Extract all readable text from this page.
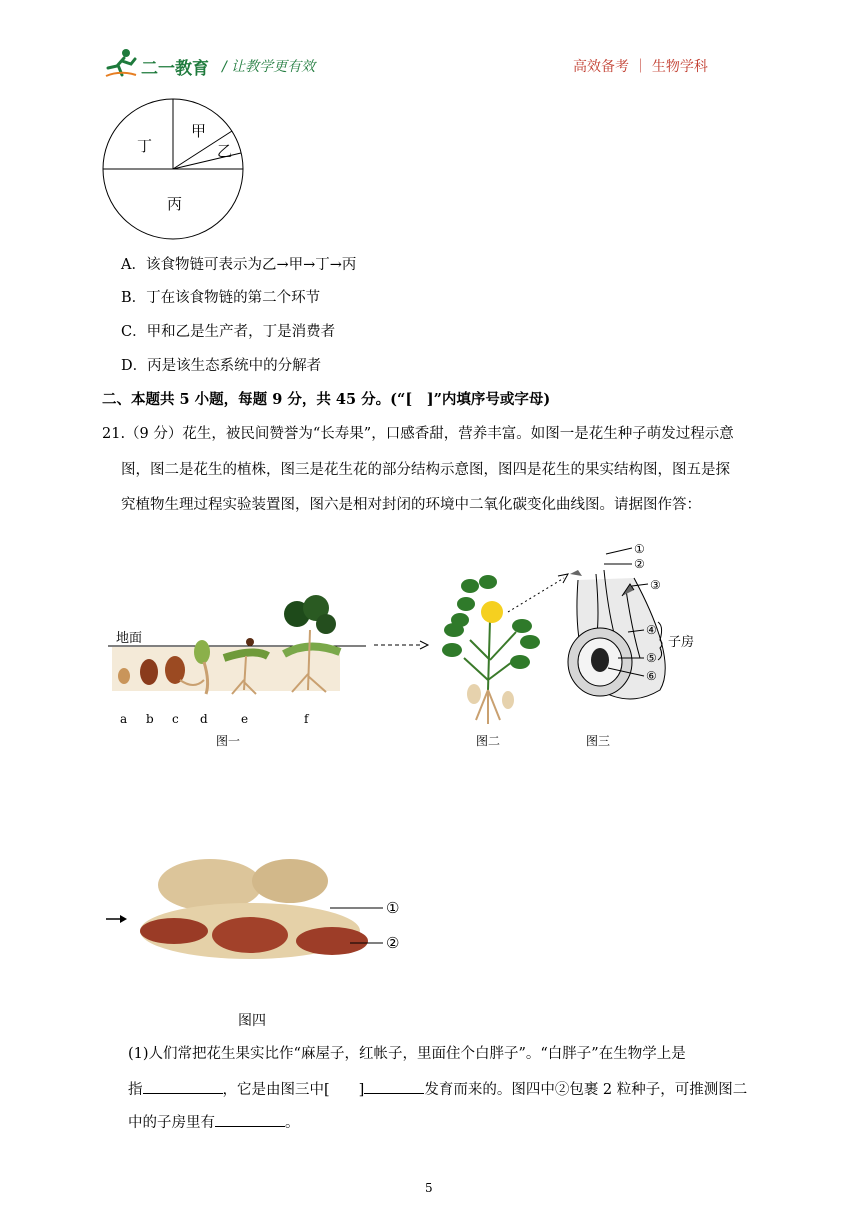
二一教育 / 让教学更有效	高效备考 ｜ 生物学科
甲
乙
丙
丁
A．该食物链可表示为乙→甲→丁→丙
B．丁在该食物链的第二个环节
C．甲和乙是生产者，丁是消费者
D．丙是该生态系统中的分解者
二、本题共 5 小题，每题 9 分，共 45 分。(“[　]”内填序号或字母)
21.（9 分）花生，被民间赞誉为“长寿果”，口感香甜，营养丰富。如图一是花生种子萌发过程示意
图，图二是花生的植株，图三是花生花的部分结构示意图，图四是花生的果实结构图，图五是探
究植物生理过程实验装置图，图六是相对封闭的环境中二氧化碳变化曲线图。请据图作答：
地面
a b c d	e	f
图一	图二
①
②
③
④
⑤
⑥
子房
图三
①
②
图四
(1)人们常把花生果实比作“麻屋子，红帐子，里面住个白胖子”。“白胖子”在生物学上是
指	，它是由图三中[　　]	发育而来的。图四中②包裹 2 粒种子，可推测图二
中的子房里有	。
5
